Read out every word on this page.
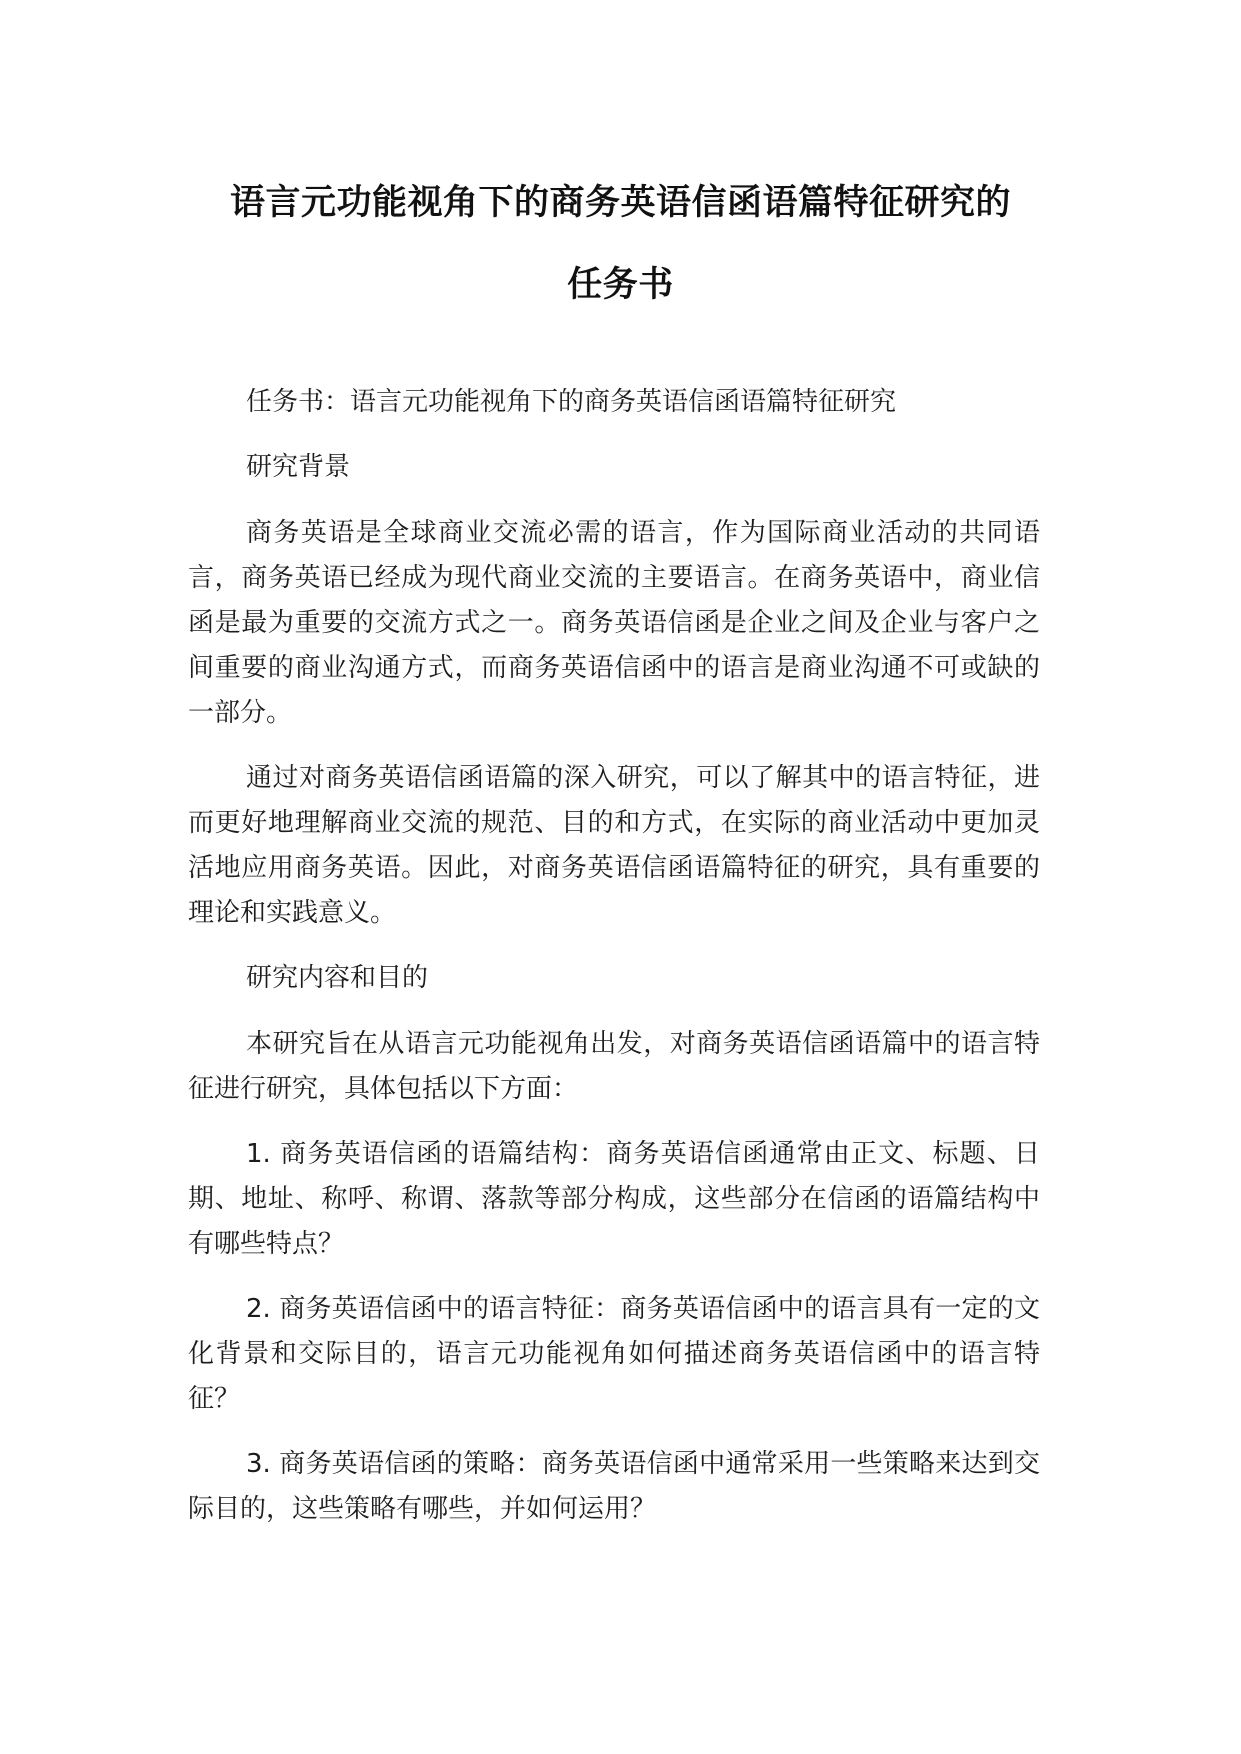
语言元功能视角下的商务英语信函语篇特征研究的
任务书

任务书：语言元功能视角下的商务英语信函语篇特征研究

研究背景

商务英语是全球商业交流必需的语言，作为国际商业活动的共同语言，商务英语已经成为现代商业交流的主要语言。在商务英语中，商业信函是最为重要的交流方式之一。商务英语信函是企业之间及企业与客户之间重要的商业沟通方式，而商务英语信函中的语言是商业沟通不可或缺的一部分。

通过对商务英语信函语篇的深入研究，可以了解其中的语言特征，进而更好地理解商业交流的规范、目的和方式，在实际的商业活动中更加灵活地应用商务英语。因此，对商务英语信函语篇特征的研究，具有重要的理论和实践意义。

研究内容和目的

本研究旨在从语言元功能视角出发，对商务英语信函语篇中的语言特征进行研究，具体包括以下方面：

1. 商务英语信函的语篇结构：商务英语信函通常由正文、标题、日期、地址、称呼、称谓、落款等部分构成，这些部分在信函的语篇结构中有哪些特点？

2. 商务英语信函中的语言特征：商务英语信函中的语言具有一定的文化背景和交际目的，语言元功能视角如何描述商务英语信函中的语言特征？

3. 商务英语信函的策略：商务英语信函中通常采用一些策略来达到交际目的，这些策略有哪些，并如何运用？
